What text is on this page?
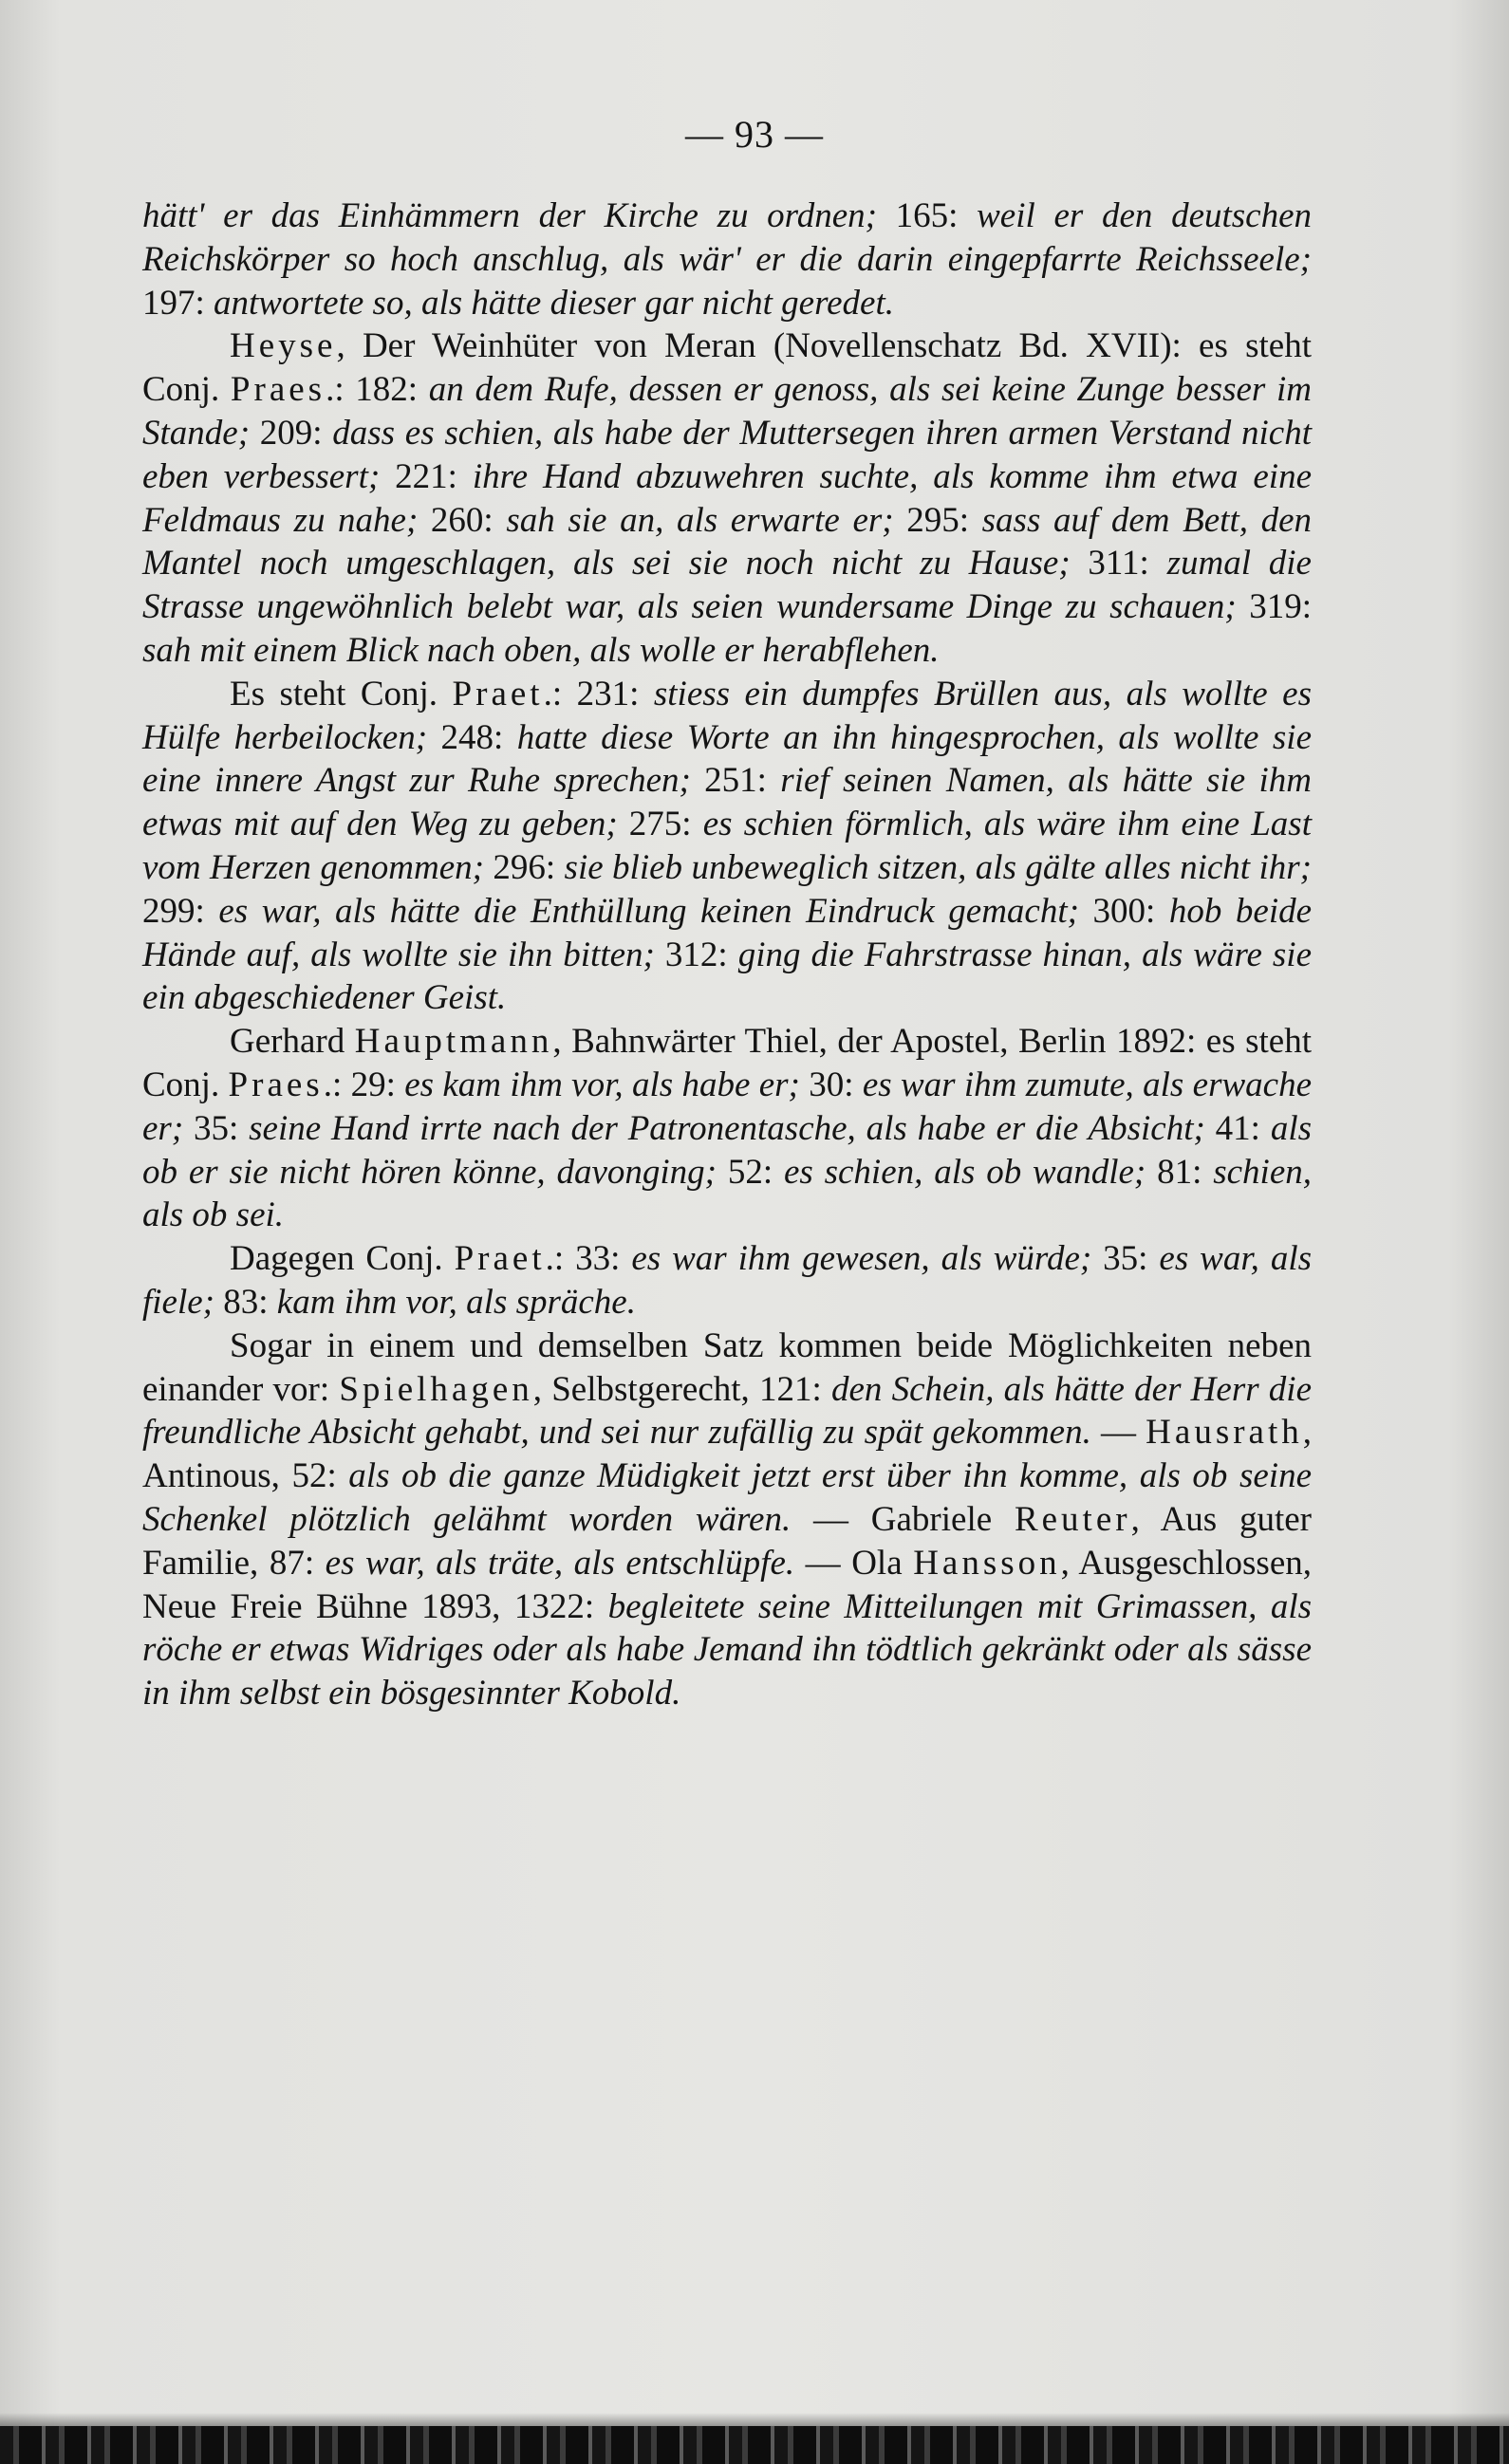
— 93 —

hätt' er das Einhämmern der Kirche zu ordnen; 165: weil er den deutschen Reichskörper so hoch anschlug, als wär' er die darin eingepfarrte Reichsseele; 197: antwortete so, als hätte dieser gar nicht geredet.

Heyse, Der Weinhüter von Meran (Novellenschatz Bd. XVII): es steht Conj. Praes.: 182: an dem Rufe, dessen er genoss, als sei keine Zunge besser im Stande; 209: dass es schien, als habe der Muttersegen ihren armen Verstand nicht eben verbessert; 221: ihre Hand abzuwehren suchte, als komme ihm etwa eine Feldmaus zu nahe; 260: sah sie an, als erwarte er; 295: sass auf dem Bett, den Mantel noch umgeschlagen, als sei sie noch nicht zu Hause; 311: zumal die Strasse ungewöhnlich belebt war, als seien wundersame Dinge zu schauen; 319: sah mit einem Blick nach oben, als wolle er herabflehen.

Es steht Conj. Praet.: 231: stiess ein dumpfes Brüllen aus, als wollte es Hülfe herbeilocken; 248: hatte diese Worte an ihn hingesprochen, als wollte sie eine innere Angst zur Ruhe sprechen; 251: rief seinen Namen, als hätte sie ihm etwas mit auf den Weg zu geben; 275: es schien förmlich, als wäre ihm eine Last vom Herzen genommen; 296: sie blieb unbeweglich sitzen, als gälte alles nicht ihr; 299: es war, als hätte die Enthüllung keinen Eindruck gemacht; 300: hob beide Hände auf, als wollte sie ihn bitten; 312: ging die Fahrstrasse hinan, als wäre sie ein abgeschiedener Geist.

Gerhard Hauptmann, Bahnwärter Thiel, der Apostel, Berlin 1892: es steht Conj. Praes.: 29: es kam ihm vor, als habe er; 30: es war ihm zumute, als erwache er; 35: seine Hand irrte nach der Patronentasche, als habe er die Absicht; 41: als ob er sie nicht hören könne, davonging; 52: es schien, als ob wandle; 81: schien, als ob sei.

Dagegen Conj. Praet.: 33: es war ihm gewesen, als würde; 35: es war, als fiele; 83: kam ihm vor, als spräche.

Sogar in einem und demselben Satz kommen beide Möglichkeiten neben einander vor: Spielhagen, Selbstgerecht, 121: den Schein, als hätte der Herr die freundliche Absicht gehabt, und sei nur zufällig zu spät gekommen. — Hausrath, Antinous, 52: als ob die ganze Müdigkeit jetzt erst über ihn komme, als ob seine Schenkel plötzlich gelähmt worden wären. — Gabriele Reuter, Aus guter Familie, 87: es war, als träte, als entschlüpfe. — Ola Hansson, Ausgeschlossen, Neue Freie Bühne 1893, 1322: begleitete seine Mitteilungen mit Grimassen, als röche er etwas Widriges oder als habe Jemand ihn tödtlich gekränkt oder als sässe in ihm selbst ein bösgesinnter Kobold.
